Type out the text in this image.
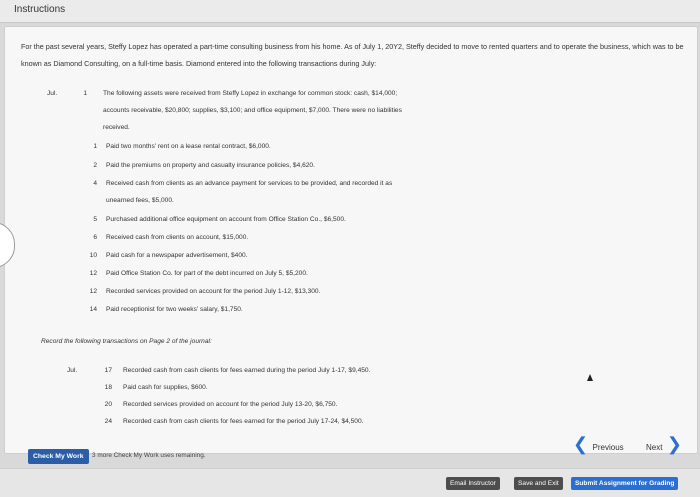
Instructions
For the past several years, Steffy Lopez has operated a part-time consulting business from his home. As of July 1, 20Y2, Steffy decided to move to rented quarters and to operate the business, which was to be known as Diamond Consulting, on a full-time basis. Diamond entered into the following transactions during July:
Jul.	1 The following assets were received from Steffy Lopez in exchange for common stock: cash, $14,000;
accounts receivable, $20,800; supplies, $3,100; and office equipment, $7,000. There were no liabilities
received.
1 Paid two months' rent on a lease rental contract, $6,000.
2 Paid the premiums on property and casualty insurance policies, $4,620.
4 Received cash from clients as an advance payment for services to be provided, and recorded it as
unearned fees, $5,000.
5 Purchased additional office equipment on account from Office Station Co., $6,500.
6 Received cash from clients on account, $15,000.
10 Paid cash for a newspaper advertisement, $400.
12 Paid Office Station Co. for part of the debt incurred on July 5, $5,200.
12 Recorded services provided on account for the period July 1-12, $13,300.
14 Paid receptionist for two weeks' salary, $1,750.
Record the following transactions on Page 2 of the journal:
Jul.	17 Recorded cash from cash clients for fees earned during the period July 1-17, $9,450.
18 Paid cash for supplies, $600.
20 Recorded services provided on account for the period July 13-20, $6,750.
24 Recorded cash from cash clients for fees earned for the period July 17-24, $4,500.
Check My Work	3 more Check My Work uses remaining.
❮ Previous	Next ❯
Email Instructor	Save and Exit	Submit Assignment for Grading
